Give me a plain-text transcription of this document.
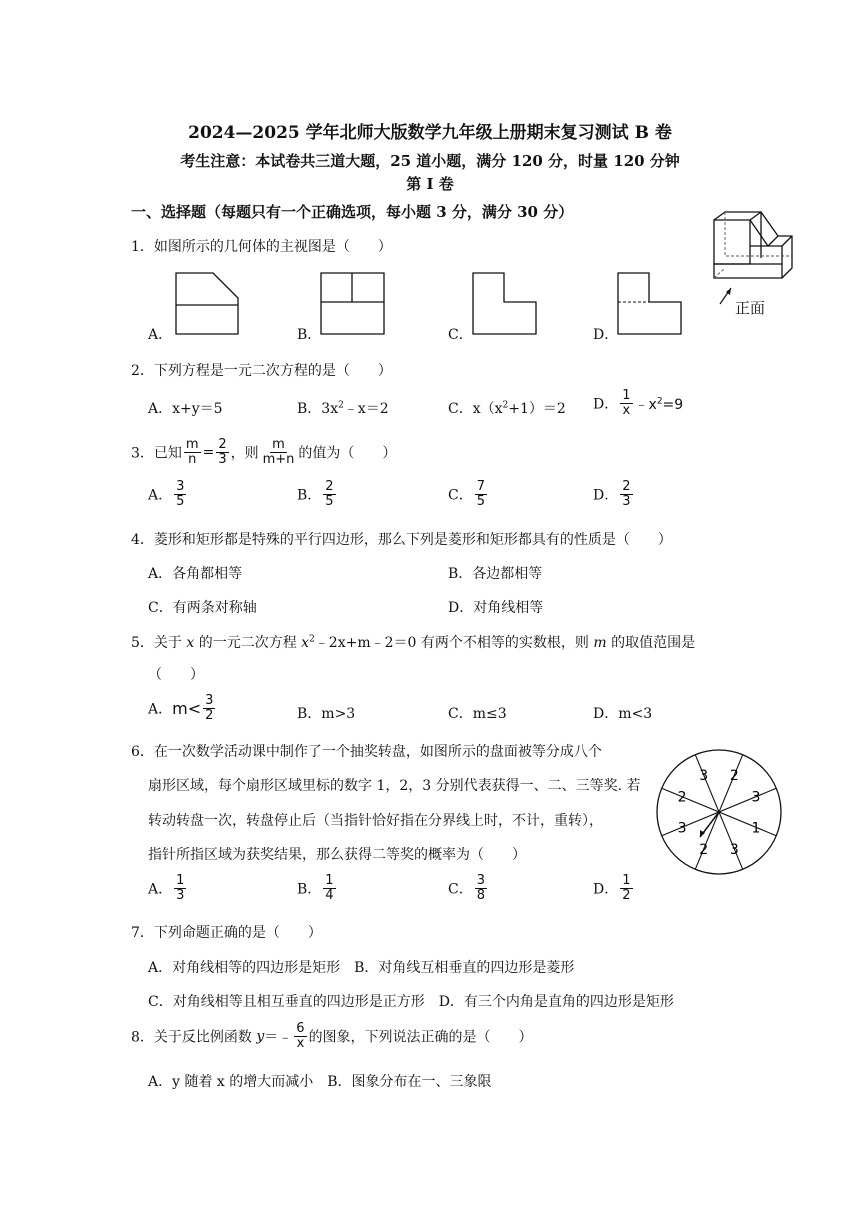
2024—2025 学年北师大版数学九年级上册期末复习测试 B 卷
考生注意：本试卷共三道大题，25 道小题，满分 120 分，时量 120 分钟
第 I 卷
一、选择题（每题只有一个正确选项，每小题 3 分，满分 30 分）
1．如图所示的几何体的主视图是（　　）
正面
A．	B．	C．	D．
2．下列方程是一元二次方程的是（　　）
A．x+y＝5	B．$3x^2﹣x=2$	C．$x(x^2+1)=2$ D． $\frac{1}{x}$ $﹣x^2=9$
3．已知 $\frac{m}{n} = \frac{2}{3}$ ，则 $\frac{m}{m+n}$ 的值为（　　）
A． $\frac{3}{5}$	B． $\frac{2}{5}$	C． $\frac{7}{5}$	D． $\frac{2}{3}$
4．菱形和矩形都是特殊的平行四边形，那么下列是菱形和矩形都具有的性质是（　　）
A．各角都相等	B．各边都相等
C．有两条对称轴	D．对角线相等
5．关于 x 的一元二次方程 $x^2﹣2x+m﹣2=0$ 有两个不相等的实数根，则 m 的取值范围是
（　　）
A．$m< \frac{3}{2}$	B．m>3	C．m≤3	D．m<3
6．在一次数学活动课中制作了一个抽奖转盘，如图所示的盘面被等分成八个
扇形区域，每个扇形区域里标的数字 1，2，3 分别代表获得一、二、三等奖. 若
转动转盘一次，转盘停止后（当指针恰好指在分界线上时，不计，重转），
指针所指区域为获奖结果，那么获得二等奖的概率为（　　）
2
3
1
3
2
3
2
3
A． $\frac{1}{3}$	B． $\frac{1}{4}$	C． $\frac{3}{8}$	D． $\frac{1}{2}$
7．下列命题正确的是（　　）
A．对角线相等的四边形是矩形　B．对角线互相垂直的四边形是菱形
C．对角线相等且相互垂直的四边形是正方形　D．有三个内角是直角的四边形是矩形
8．关于反比例函数 y＝﹣ $\frac{6}{x}$ 的图象，下列说法正确的是（　　）
A．y 随着 x 的增大而减小　B．图象分布在一、三象限
